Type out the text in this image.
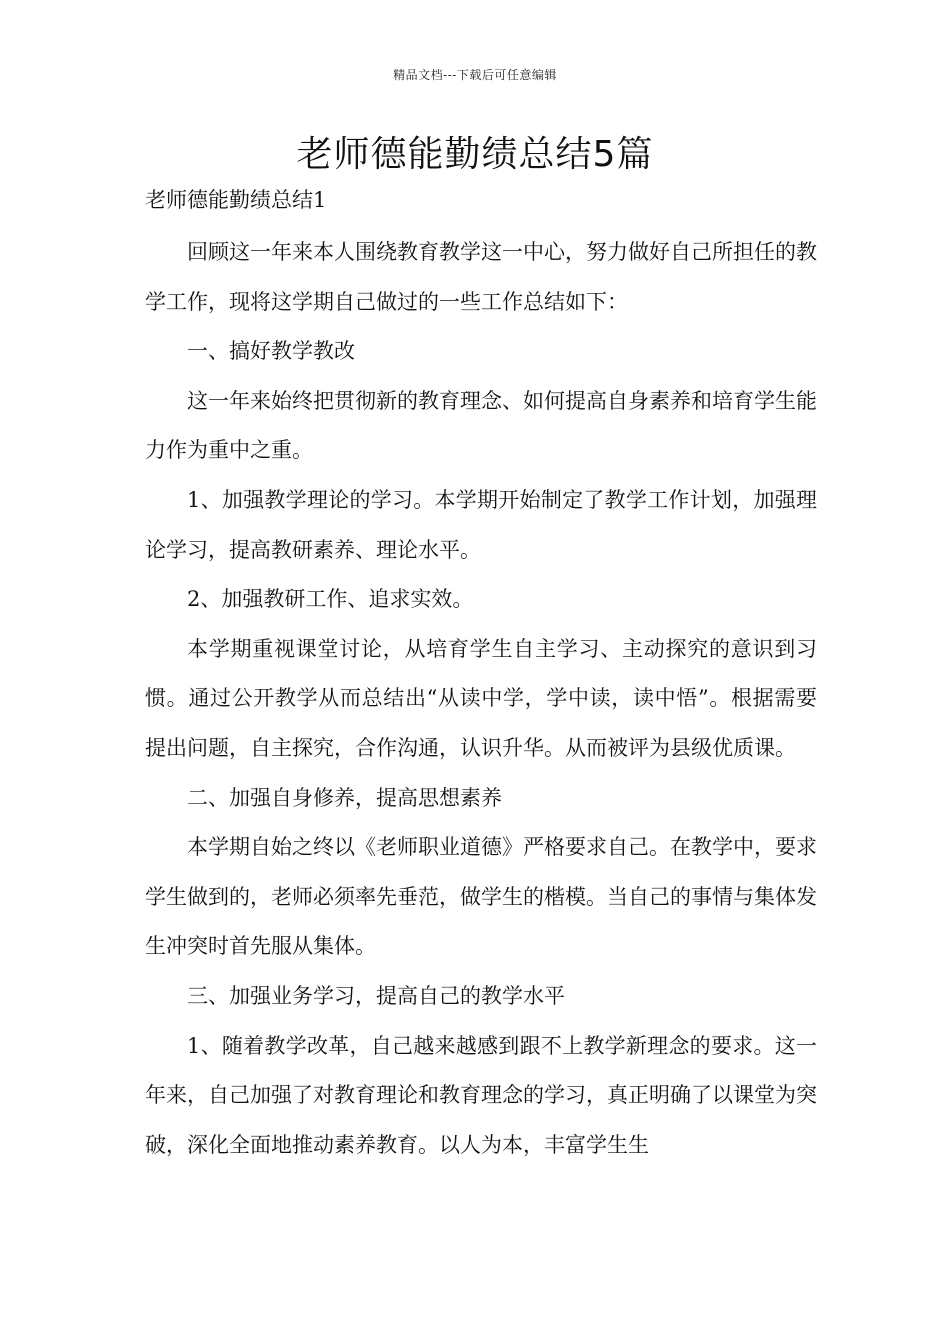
精品文档---下载后可任意编辑
老师德能勤绩总结5篇

老师德能勤绩总结1

回顾这一年来本人围绕教育教学这一中心，努力做好自己所担任的教学工作，现将这学期自己做过的一些工作总结如下：

一、搞好教学教改

这一年来始终把贯彻新的教育理念、如何提高自身素养和培育学生能力作为重中之重。

1、加强教学理论的学习。本学期开始制定了教学工作计划，加强理论学习，提高教研素养、理论水平。

2、加强教研工作、追求实效。

本学期重视课堂讨论，从培育学生自主学习、主动探究的意识到习惯。通过公开教学从而总结出“从读中学，学中读，读中悟”。根据需要提出问题，自主探究，合作沟通，认识升华。从而被评为县级优质课。

二、加强自身修养，提高思想素养

本学期自始之终以《老师职业道德》严格要求自己。在教学中，要求学生做到的，老师必须率先垂范，做学生的楷模。当自己的事情与集体发生冲突时首先服从集体。

三、加强业务学习，提高自己的教学水平

1、随着教学改革，自己越来越感到跟不上教学新理念的要求。这一年来，自己加强了对教育理论和教育理念的学习，真正明确了以课堂为突破，深化全面地推动素养教育。以人为本，丰富学生生
